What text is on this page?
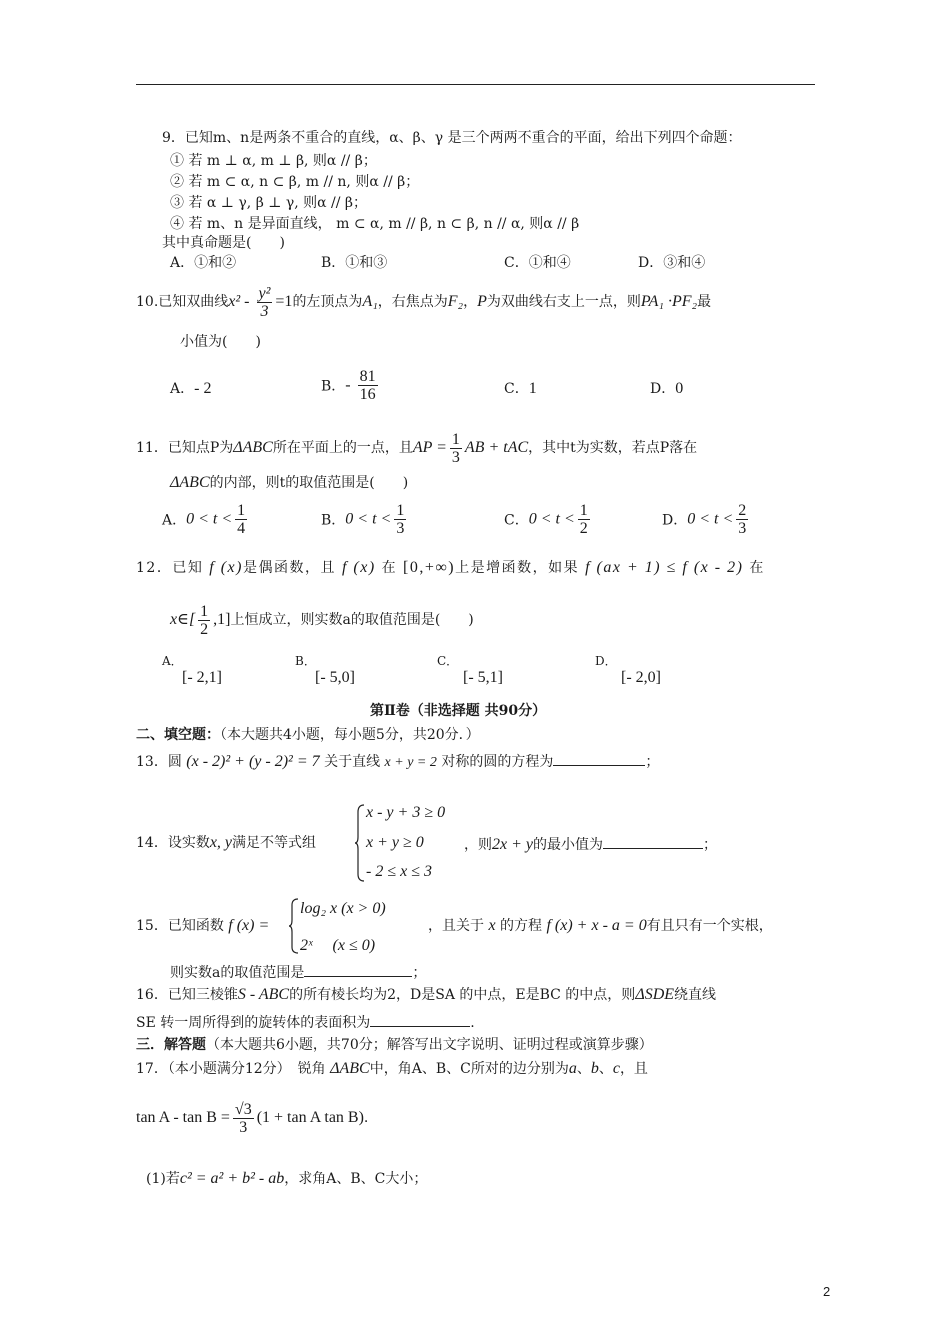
9．已知m、n是两条不重合的直线，α、β、γ 是三个两两不重合的平面，给出下列四个命题：
① 若 m ⊥ α, m ⊥ β, 则α // β；
② 若 m ⊂ α, n ⊂ β, m // n, 则α // β；
③ 若 α ⊥ γ, β ⊥ γ, 则α // β；
④ 若 m、n 是异面直线， m ⊂ α, m // β, n ⊂ β, n // α, 则α // β
其中真命题是(　　)
A．①和②	B．①和③	C．①和④	D．③和④
10.已知双曲线$x^2 - \frac{\text{y²}}{3} =1$的左顶点为A₁，右焦点为F₂，P为双曲线右支上一点，则PA₁ ·PF₂最
小值为(　　)
A．- 2	B．- $\frac{81}{16}$	C．1	D．0
11．已知点P为ΔABC所在平面上的一点，且AP = $\frac{1}{3}$ AB + tAC，其中t为实数，若点P落在
ΔABC的内部，则t的取值范围是(　　)
A．$0 < t < \frac{1}{4}$	B．$0 < t < \frac{1}{3}$	C．$0 < t < \frac{1}{2}$	D．$0 < t < \frac{2}{3}$
12．已知 f (x)是偶函数，且 f (x) 在 [0,+∞)上是增函数，如果 f (ax + 1) ≤ f (x - 2) 在
x∈[ $\frac{1}{2} ,1$]上恒成立，则实数a的取值范围是(　　)
A．
[- 2,1]
B．
[- 5,0]
C．
[- 5,1]
D．
[- 2,0]
第Ⅱ卷（非选择题 共90分）
二、填空题：（本大题共4小题，每小题5分，共20分．）
13．圆 (x - 2)² + (y - 2)² = 7 关于直线 x + y = 2 对称的圆的方程为	；
14．设实数x, y满足不等式组
x - y + 3 ≥ 0
x + y ≥ 0
- 2 ≤ x ≤ 3
，则2x + y的最小值为	；
15．已知函数 f (x) =
log₂ x (x > 0)
2ˣ　 (x ≤ 0)
，且关于 x 的方程 f (x) + x - a = 0有且只有一个实根，
则实数a的取值范围是	；
16．已知三棱锥S - ABC的所有棱长均为2，D是SA 的中点，E是BC 的中点，则ΔSDE绕直线
SE 转一周所得到的旋转体的表面积为	.
三．解答题（本大题共6小题，共70分；解答写出文字说明、证明过程或演算步骤）
17．（本小题满分12分）　锐角 ΔABC中，角A、B、C所对的边分别为a、b、c，且
$\tan A - \tan B = \frac{√3}{3} (1 + \tan A$ tan B).
(1)若c² = a² + b² - ab，求角A、B、C大小；
2
